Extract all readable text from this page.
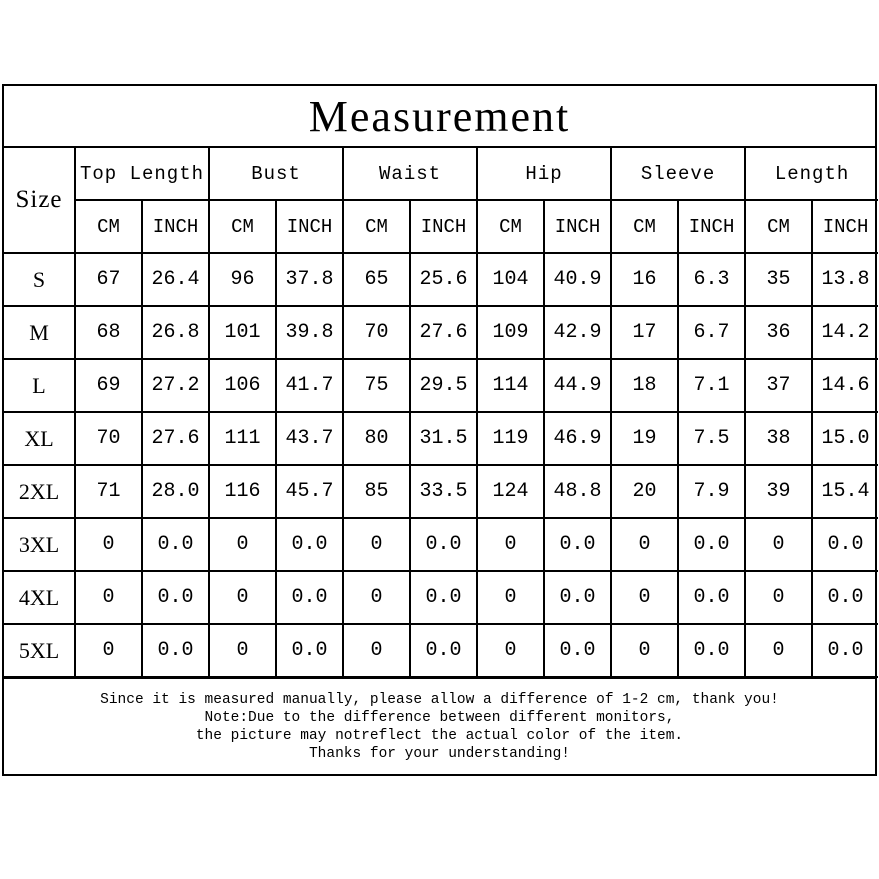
Measurement
Size	Top Length		Bust		Waist		Hip		Sleeve		Length	
	CM	INCH	CM	INCH	CM	INCH	CM	INCH	CM	INCH	CM	INCH
S	67	26.4	96	37.8	65	25.6	104	40.9	16	6.3	35	13.8
M	68	26.8	101	39.8	70	27.6	109	42.9	17	6.7	36	14.2
L	69	27.2	106	41.7	75	29.5	114	44.9	18	7.1	37	14.6
XL	70	27.6	111	43.7	80	31.5	119	46.9	19	7.5	38	15.0
2XL	71	28.0	116	45.7	85	33.5	124	48.8	20	7.9	39	15.4
3XL	0	0.0	0	0.0	0	0.0	0	0.0	0	0.0	0	0.0
4XL	0	0.0	0	0.0	0	0.0	0	0.0	0	0.0	0	0.0
5XL	0	0.0	0	0.0	0	0.0	0	0.0	0	0.0	0	0.0
Since it is measured manually, please allow a difference of 1-2 cm, thank you!
Note:Due to the difference between different monitors,
the picture may notreflect the actual color of the item.
Thanks for your understanding!
